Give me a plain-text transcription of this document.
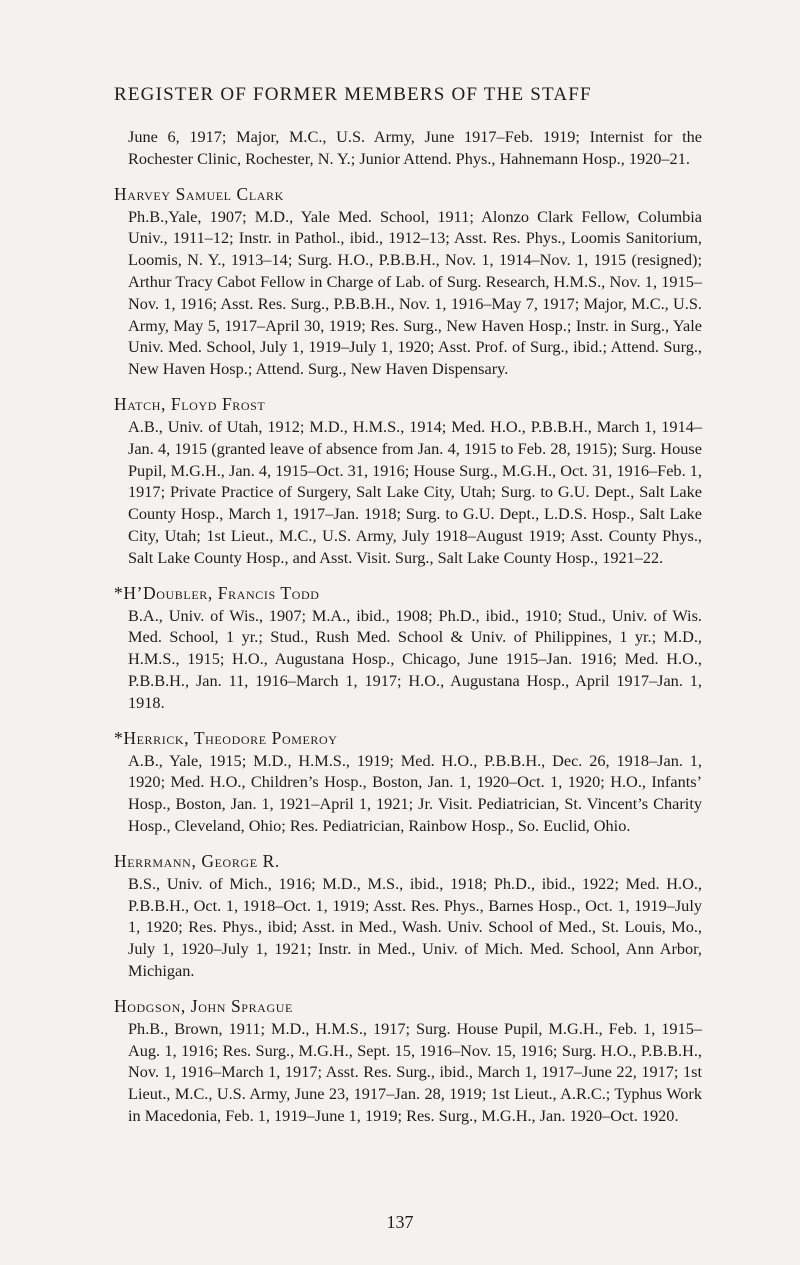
REGISTER OF FORMER MEMBERS OF THE STAFF

June 6, 1917; Major, M.C., U.S. Army, June 1917–Feb. 1919; Internist for the Rochester Clinic, Rochester, N. Y.; Junior Attend. Phys., Hahnemann Hosp., 1920–21.

Harvey Samuel Clark

Ph.B.,Yale, 1907; M.D., Yale Med. School, 1911; Alonzo Clark Fellow, Columbia Univ., 1911–12; Instr. in Pathol., ibid., 1912–13; Asst. Res. Phys., Loomis Sanitorium, Loomis, N. Y., 1913–14; Surg. H.O., P.B.B.H., Nov. 1, 1914–Nov. 1, 1915 (resigned); Arthur Tracy Cabot Fellow in Charge of Lab. of Surg. Research, H.M.S., Nov. 1, 1915–Nov. 1, 1916; Asst. Res. Surg., P.B.B.H., Nov. 1, 1916–May 7, 1917; Major, M.C., U.S. Army, May 5, 1917–April 30, 1919; Res. Surg., New Haven Hosp.; Instr. in Surg., Yale Univ. Med. School, July 1, 1919–July 1, 1920; Asst. Prof. of Surg., ibid.; Attend. Surg., New Haven Hosp.; Attend. Surg., New Haven Dispensary.

Hatch, Floyd Frost

A.B., Univ. of Utah, 1912; M.D., H.M.S., 1914; Med. H.O., P.B.B.H., March 1, 1914–Jan. 4, 1915 (granted leave of absence from Jan. 4, 1915 to Feb. 28, 1915); Surg. House Pupil, M.G.H., Jan. 4, 1915–Oct. 31, 1916; House Surg., M.G.H., Oct. 31, 1916–Feb. 1, 1917; Private Practice of Surgery, Salt Lake City, Utah; Surg. to G.U. Dept., Salt Lake County Hosp., March 1, 1917–Jan. 1918; Surg. to G.U. Dept., L.D.S. Hosp., Salt Lake City, Utah; 1st Lieut., M.C., U.S. Army, July 1918–August 1919; Asst. County Phys., Salt Lake County Hosp., and Asst. Visit. Surg., Salt Lake County Hosp., 1921–22.

*H’Doubler, Francis Todd

B.A., Univ. of Wis., 1907; M.A., ibid., 1908; Ph.D., ibid., 1910; Stud., Univ. of Wis. Med. School, 1 yr.; Stud., Rush Med. School & Univ. of Philippines, 1 yr.; M.D., H.M.S., 1915; H.O., Augustana Hosp., Chicago, June 1915–Jan. 1916; Med. H.O., P.B.B.H., Jan. 11, 1916–March 1, 1917; H.O., Augustana Hosp., April 1917–Jan. 1, 1918.

*Herrick, Theodore Pomeroy

A.B., Yale, 1915; M.D., H.M.S., 1919; Med. H.O., P.B.B.H., Dec. 26, 1918–Jan. 1, 1920; Med. H.O., Children’s Hosp., Boston, Jan. 1, 1920–Oct. 1, 1920; H.O., Infants’ Hosp., Boston, Jan. 1, 1921–April 1, 1921; Jr. Visit. Pediatrician, St. Vincent’s Charity Hosp., Cleveland, Ohio; Res. Pediatrician, Rainbow Hosp., So. Euclid, Ohio.

Herrmann, George R.

B.S., Univ. of Mich., 1916; M.D., M.S., ibid., 1918; Ph.D., ibid., 1922; Med. H.O., P.B.B.H., Oct. 1, 1918–Oct. 1, 1919; Asst. Res. Phys., Barnes Hosp., Oct. 1, 1919–July 1, 1920; Res. Phys., ibid; Asst. in Med., Wash. Univ. School of Med., St. Louis, Mo., July 1, 1920–July 1, 1921; Instr. in Med., Univ. of Mich. Med. School, Ann Arbor, Michigan.

Hodgson, John Sprague

Ph.B., Brown, 1911; M.D., H.M.S., 1917; Surg. House Pupil, M.G.H., Feb. 1, 1915–Aug. 1, 1916; Res. Surg., M.G.H., Sept. 15, 1916–Nov. 15, 1916; Surg. H.O., P.B.B.H., Nov. 1, 1916–March 1, 1917; Asst. Res. Surg., ibid., March 1, 1917–June 22, 1917; 1st Lieut., M.C., U.S. Army, June 23, 1917–Jan. 28, 1919; 1st Lieut., A.R.C.; Typhus Work in Macedonia, Feb. 1, 1919–June 1, 1919; Res. Surg., M.G.H., Jan. 1920–Oct. 1920.

137
